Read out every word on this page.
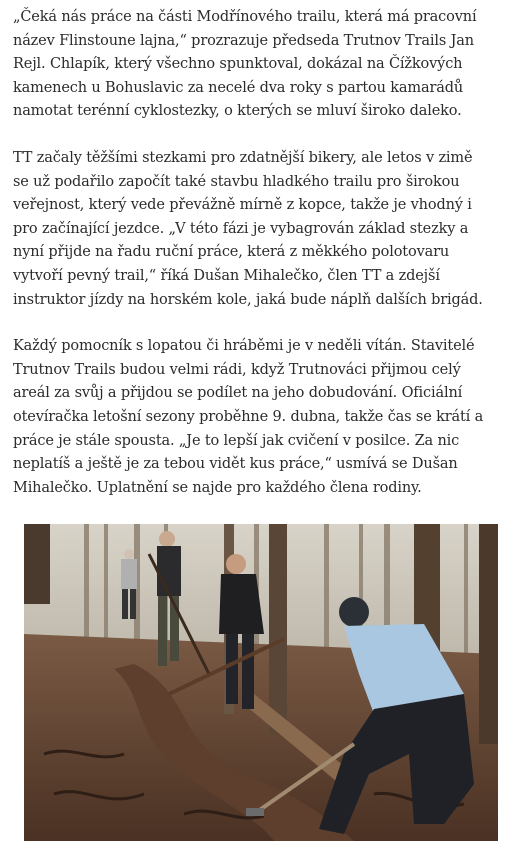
„Čeká nás práce na části Modřínového trailu, která má pracovní
název Flinstoune lajna,“ prozrazuje předseda Trutnov Trails Jan
Rejl. Chlapík, který všechno spunktoval, dokázal na Čížkových
kamenech u Bohuslavic za necelé dva roky s partou kamarádů
namotat terénní cyklostezky, o kterých se mluví široko daleko.

TT začaly těžšími stezkami pro zdatnější bikery, ale letos v zimě
se už podařilo započít také stavbu hladkého trailu pro širokou
veřejnost, který vede převážně mírně z kopce, takže je vhodný i
pro začínající jezdce. „V této fázi je vybagrován základ stezky a
nyní přijde na řadu ruční práce, která z měkkého polotovaru
vytvoří pevný trail,“ říká Dušan Mihalečko, člen TT a zdejší
instruktor jízdy na horském kole, jaká bude náplň dalších brigád.

Každý pomocník s lopatou či hráběmi je v neděli vítán. Stavitelé
Trutnov Trails budou velmi rádi, když Trutnováci přijmou celý
areál za svůj a přijdou se podílet na jeho dobudování. Oficiální
otevíračka letošní sezony proběhne 9. dubna, takže čas se krátí a
práce je stále spousta. „Je to lepší jak cvičení v posilce. Za nic
neplatíš a ještě je za tebou vidět kus práce,“ usmívá se Dušan
Mihalečko. Uplatnění se najde pro každého člena rodiny.
